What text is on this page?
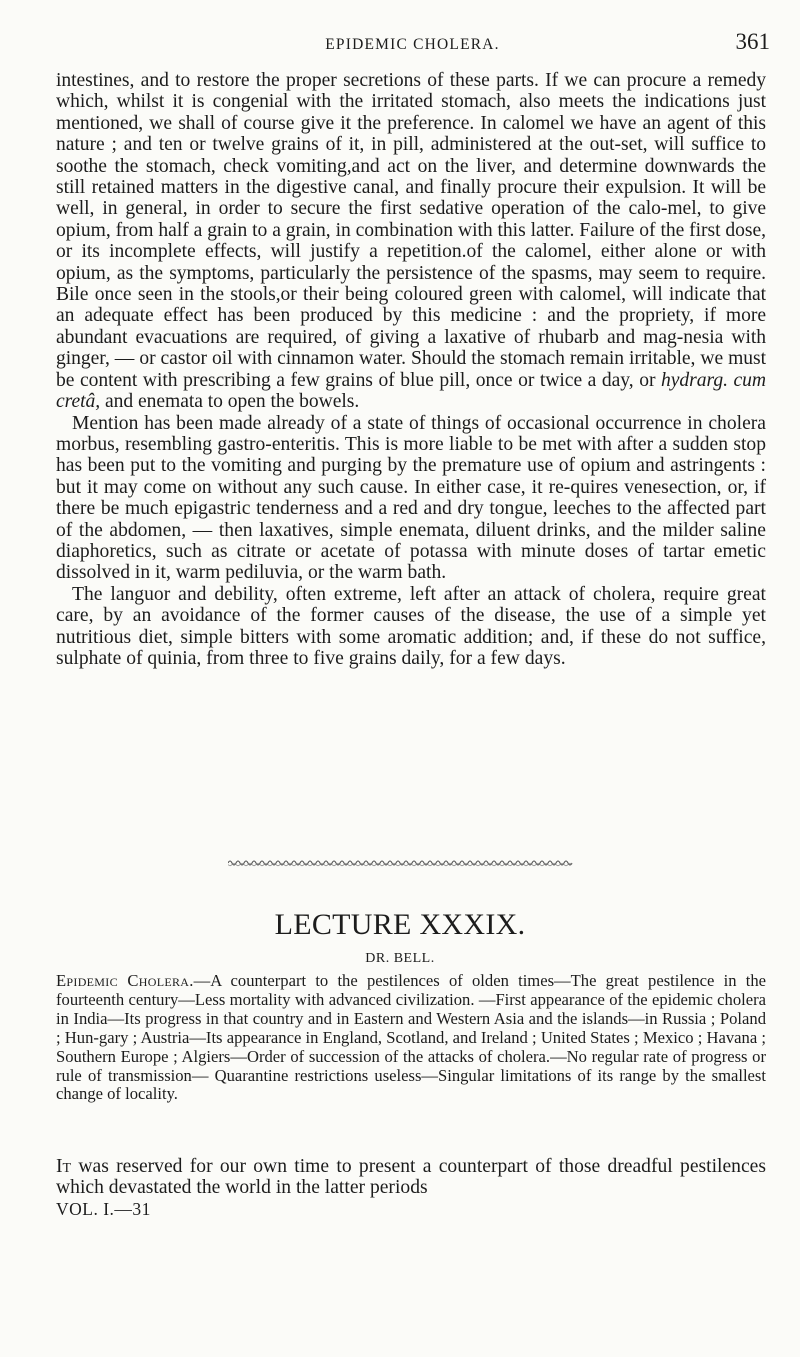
EPIDEMIC CHOLERA.	361

intestines, and to restore the proper secretions of these parts. If we can procure a remedy which, whilst it is congenial with the irritated stomach, also meets the indications just mentioned, we shall of course give it the preference. In calomel we have an agent of this nature ; and ten or twelve grains of it, in pill, administered at the out-set, will suffice to soothe the stomach, check vomiting,and act on the liver, and determine downwards the still retained matters in the digestive canal, and finally procure their expulsion. It will be well, in general, in order to secure the first sedative operation of the calo-mel, to give opium, from half a grain to a grain, in combination with this latter. Failure of the first dose, or its incomplete effects, will justify a repetition.of the calomel, either alone or with opium, as the symptoms, particularly the persistence of the spasms, may seem to require. Bile once seen in the stools,or their being coloured green with calomel, will indicate that an adequate effect has been produced by this medicine : and the propriety, if more abundant evacuations are required, of giving a laxative of rhubarb and mag-nesia with ginger, — or castor oil with cinnamon water. Should the stomach remain irritable, we must be content with prescribing a few grains of blue pill, once or twice a day, or hydrarg. cum cretâ, and enemata to open the bowels.

Mention has been made already of a state of things of occasional occurrence in cholera morbus, resembling gastro-enteritis. This is more liable to be met with after a sudden stop has been put to the vomiting and purging by the premature use of opium and astringents : but it may come on without any such cause. In either case, it re-quires venesection, or, if there be much epigastric tenderness and a red and dry tongue, leeches to the affected part of the abdomen, — then laxatives, simple enemata, diluent drinks, and the milder saline diaphoretics, such as citrate or acetate of potassa with minute doses of tartar emetic dissolved in it, warm pediluvia, or the warm bath.

The languor and debility, often extreme, left after an attack of cholera, require great care, by an avoidance of the former causes of the disease, the use of a simple yet nutritious diet, simple bitters with some aromatic addition; and, if these do not suffice, sulphate of quinia, from three to five grains daily, for a few days.

LECTURE XXXIX.
DR. BELL.
Epidemic Cholera.—A counterpart to the pestilences of olden times—The great pestilence in the fourteenth century—Less mortality with advanced civilization. —First appearance of the epidemic cholera in India—Its progress in that country and in Eastern and Western Asia and the islands—in Russia ; Poland ; Hun-gary ; Austria—Its appearance in England, Scotland, and Ireland ; United States ; Mexico ; Havana ; Southern Europe ; Algiers—Order of succession of the attacks of cholera.—No regular rate of progress or rule of transmission— Quarantine restrictions useless—Singular limitations of its range by the smallest change of locality.
It was reserved for our own time to present a counterpart of those dreadful pestilences which devastated the world in the latter periods
VOL. I.—31
